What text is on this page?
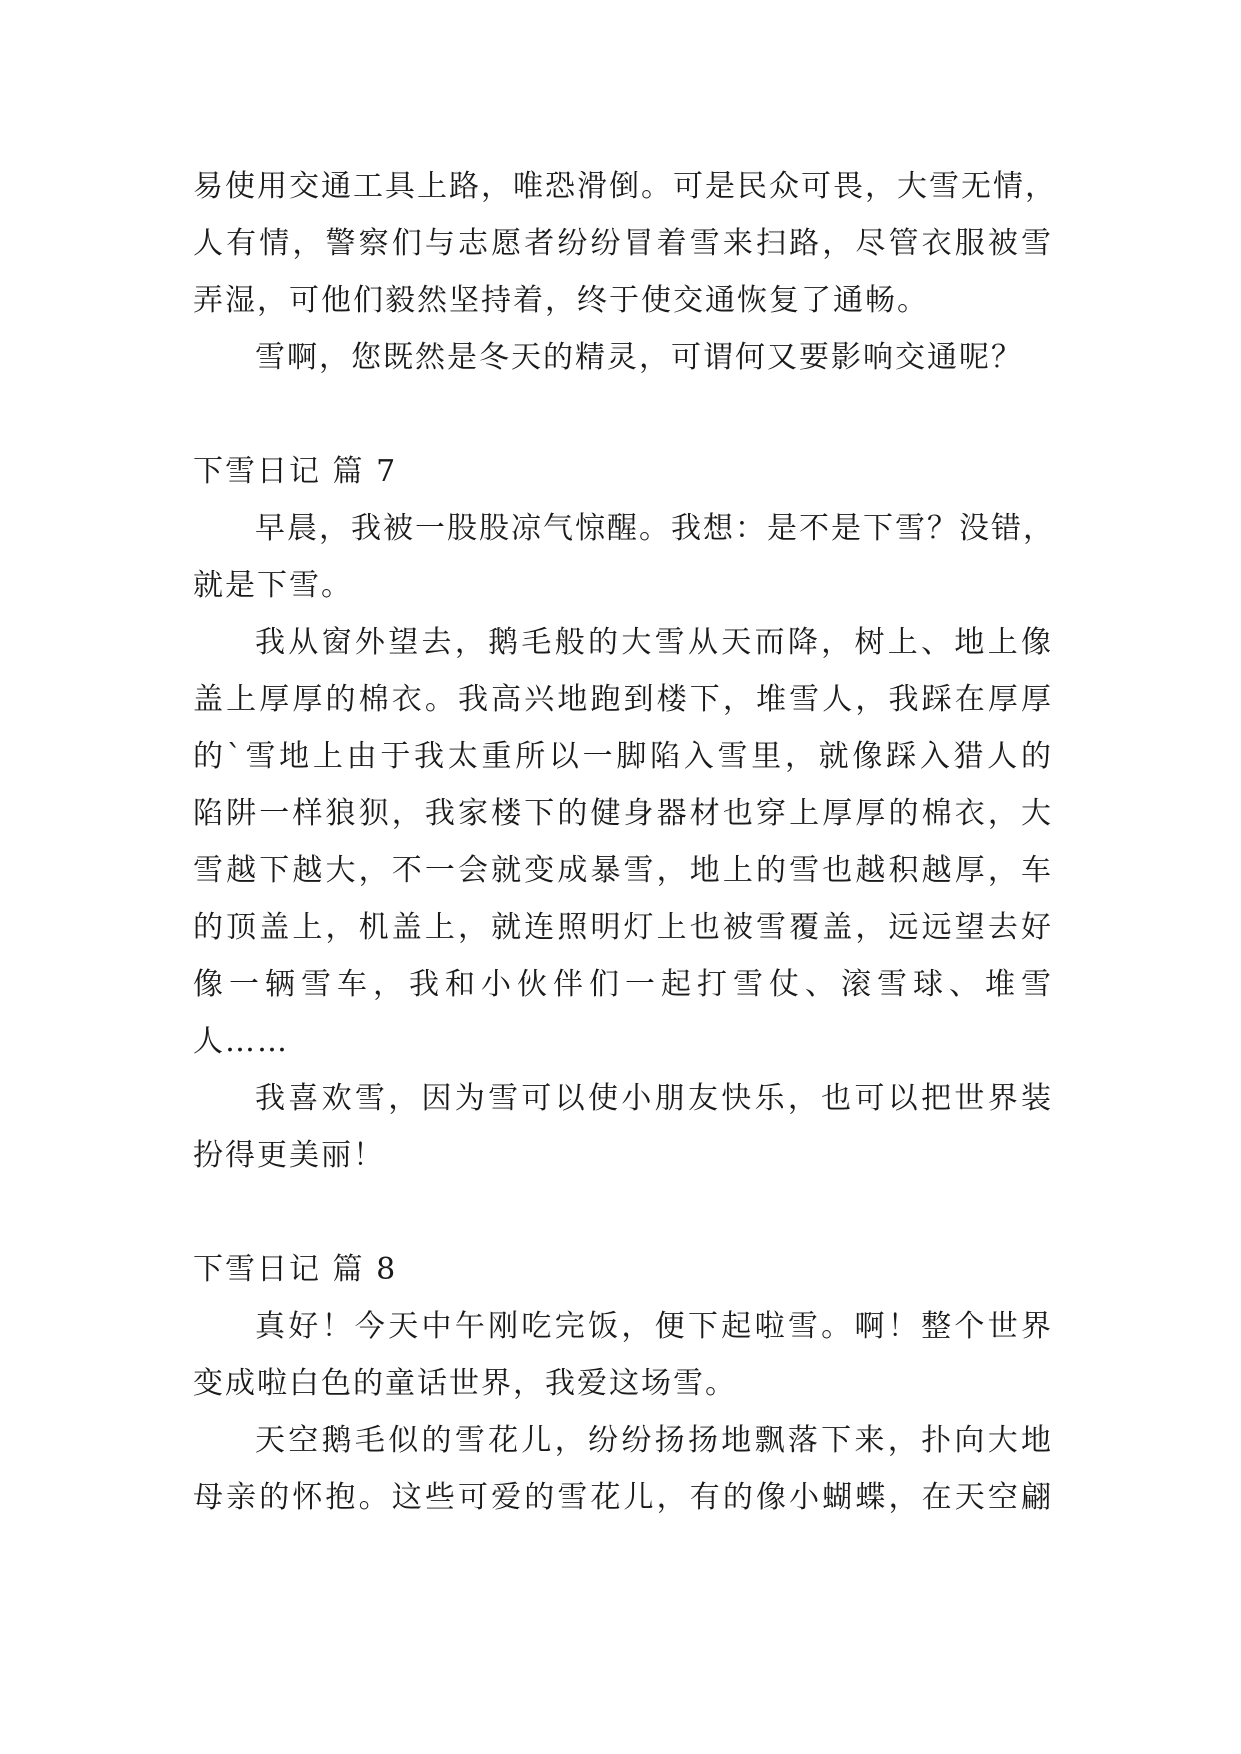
易使用交通工具上路，唯恐滑倒。可是民众可畏，大雪无情，
人有情，警察们与志愿者纷纷冒着雪来扫路，尽管衣服被雪
弄湿，可他们毅然坚持着，终于使交通恢复了通畅。
雪啊，您既然是冬天的精灵，可谓何又要影响交通呢？
下雪日记 篇 7
早晨，我被一股股凉气惊醒。我想：是不是下雪？没错，
就是下雪。
我从窗外望去，鹅毛般的大雪从天而降，树上、地上像
盖上厚厚的棉衣。我高兴地跑到楼下，堆雪人，我踩在厚厚
的`雪地上由于我太重所以一脚陷入雪里，就像踩入猎人的
陷阱一样狼狈，我家楼下的健身器材也穿上厚厚的棉衣，大
雪越下越大，不一会就变成暴雪，地上的雪也越积越厚，车
的顶盖上，机盖上，就连照明灯上也被雪覆盖，远远望去好
像一辆雪车，我和小伙伴们一起打雪仗、滚雪球、堆雪
人……
我喜欢雪，因为雪可以使小朋友快乐，也可以把世界装
扮得更美丽！
下雪日记 篇 8
真好！今天中午刚吃完饭，便下起啦雪。啊！整个世界
变成啦白色的童话世界，我爱这场雪。
天空鹅毛似的雪花儿，纷纷扬扬地飘落下来，扑向大地
母亲的怀抱。这些可爱的雪花儿，有的像小蝴蝶，在天空翩
